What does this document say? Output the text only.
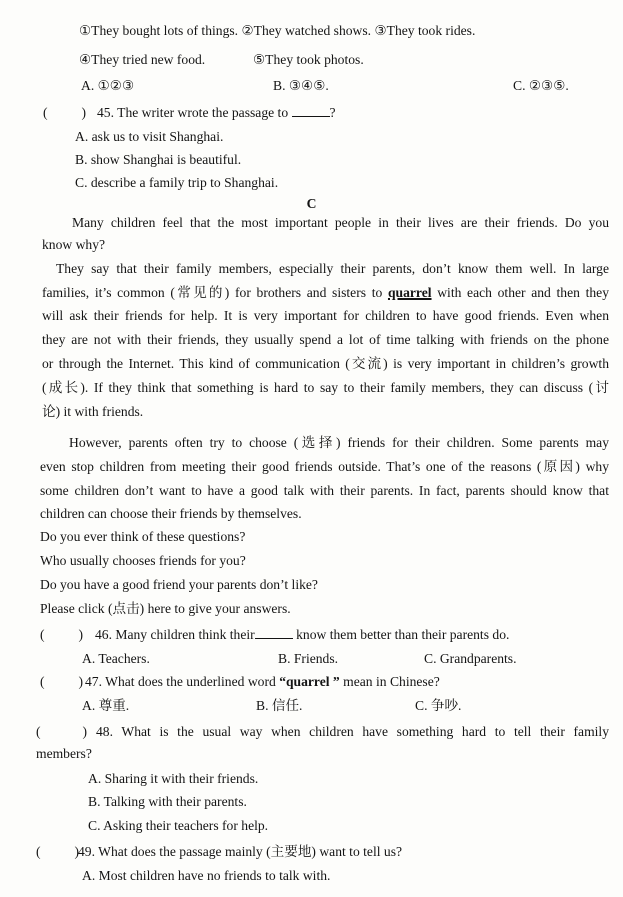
①They bought lots of things. ②They watched shows. ③They took rides.
④They tried new food.	⑤They took photos.
A. ①②③	B. ③④⑤.	C. ②③⑤.
(	) 45. The writer wrote the passage to	?
A. ask us to visit Shanghai.
B. show Shanghai is beautiful.
C. describe a family trip to Shanghai.
C
Many children feel that the most important people in their lives are their friends. Do you
know why?
They say that their family members, especially their parents, don’t know them well. In large
families, it’s common (常见的) for brothers and sisters to quarrel with each other and then they
will ask their friends for help. It is very important for children to have good friends. Even when
they are not with their friends, they usually spend a lot of time talking with friends on the phone
or through the Internet. This kind of communication (交流) is very important in children’s growth
(成长). If they think that something is hard to say to their family members, they can discuss (讨
论) it with friends.
However, parents often try to choose (选择) friends for their children. Some parents may
even stop children from meeting their good friends outside. That’s one of the reasons (原因) why
some children don’t want to have a good talk with their parents. In fact, parents should know that
children can choose their friends by themselves.
Do you ever think of these questions?
Who usually chooses friends for you?
Do you have a good friend your parents don’t like?
Please click (点击) here to give your answers.
(	) 46. Many children think their	know them better than their parents do.
A. Teachers.	B. Friends.	C. Grandparents.
(	) 47. What does the underlined word “quarrel ” mean in Chinese?
A. 尊重.	B. 信任.	C. 争吵.
(	) 48. What is the usual way when children have something hard to tell their family
members?
A. Sharing it with their friends.
B. Talking with their parents.
C. Asking their teachers for help.
(	)
49. What does the passage mainly (主要地) want to tell us?
A. Most children have no friends to talk with.
